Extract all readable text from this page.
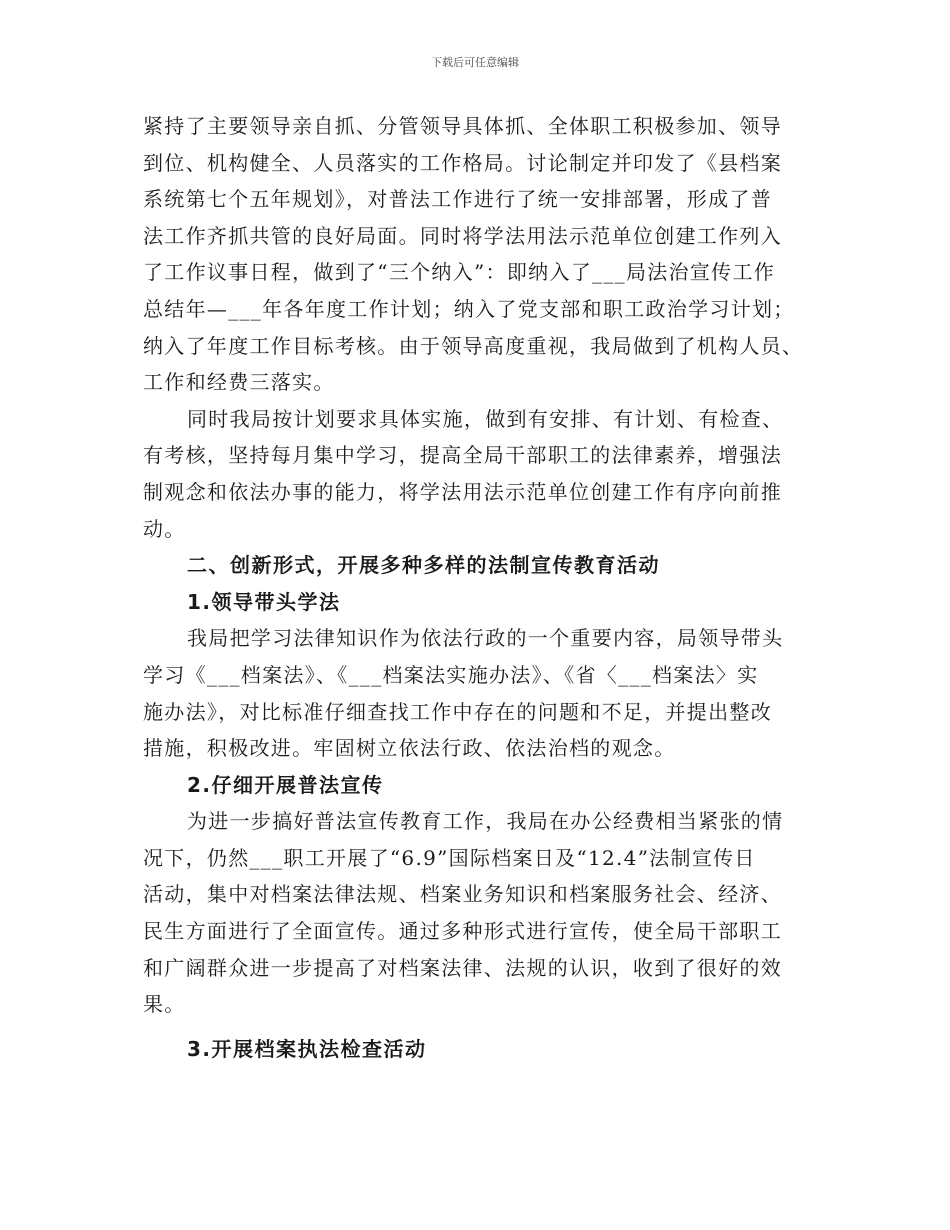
下载后可任意编辑
紧持了主要领导亲自抓、分管领导具体抓、全体职工积极参加、领导
到位、机构健全、人员落实的工作格局。讨论制定并印发了《县档案
系统第七个五年规划》，对普法工作进行了统一安排部署，形成了普
法工作齐抓共管的良好局面。同时将学法用法示范单位创建工作列入
了工作议事日程，做到了“三个纳入”：即纳入了___局法治宣传工作
总结年—___年各年度工作计划；纳入了党支部和职工政治学习计划；
纳入了年度工作目标考核。由于领导高度重视，我局做到了机构人员、
工作和经费三落实。
同时我局按计划要求具体实施，做到有安排、有计划、有检查、
有考核，坚持每月集中学习，提高全局干部职工的法律素养，增强法
制观念和依法办事的能力，将学法用法示范单位创建工作有序向前推
动。
二、创新形式，开展多种多样的法制宣传教育活动
1.领导带头学法
我局把学习法律知识作为依法行政的一个重要内容，局领导带头
学习《___档案法》、《___档案法实施办法》、《省〈___档案法〉实
施办法》，对比标准仔细查找工作中存在的问题和不足，并提出整改
措施，积极改进。牢固树立依法行政、依法治档的观念。
2.仔细开展普法宣传
为进一步搞好普法宣传教育工作，我局在办公经费相当紧张的情
况下，仍然___职工开展了“6.9”国际档案日及“12.4”法制宣传日
活动，集中对档案法律法规、档案业务知识和档案服务社会、经济、
民生方面进行了全面宣传。通过多种形式进行宣传，使全局干部职工
和广阔群众进一步提高了对档案法律、法规的认识，收到了很好的效
果。
3.开展档案执法检查活动
